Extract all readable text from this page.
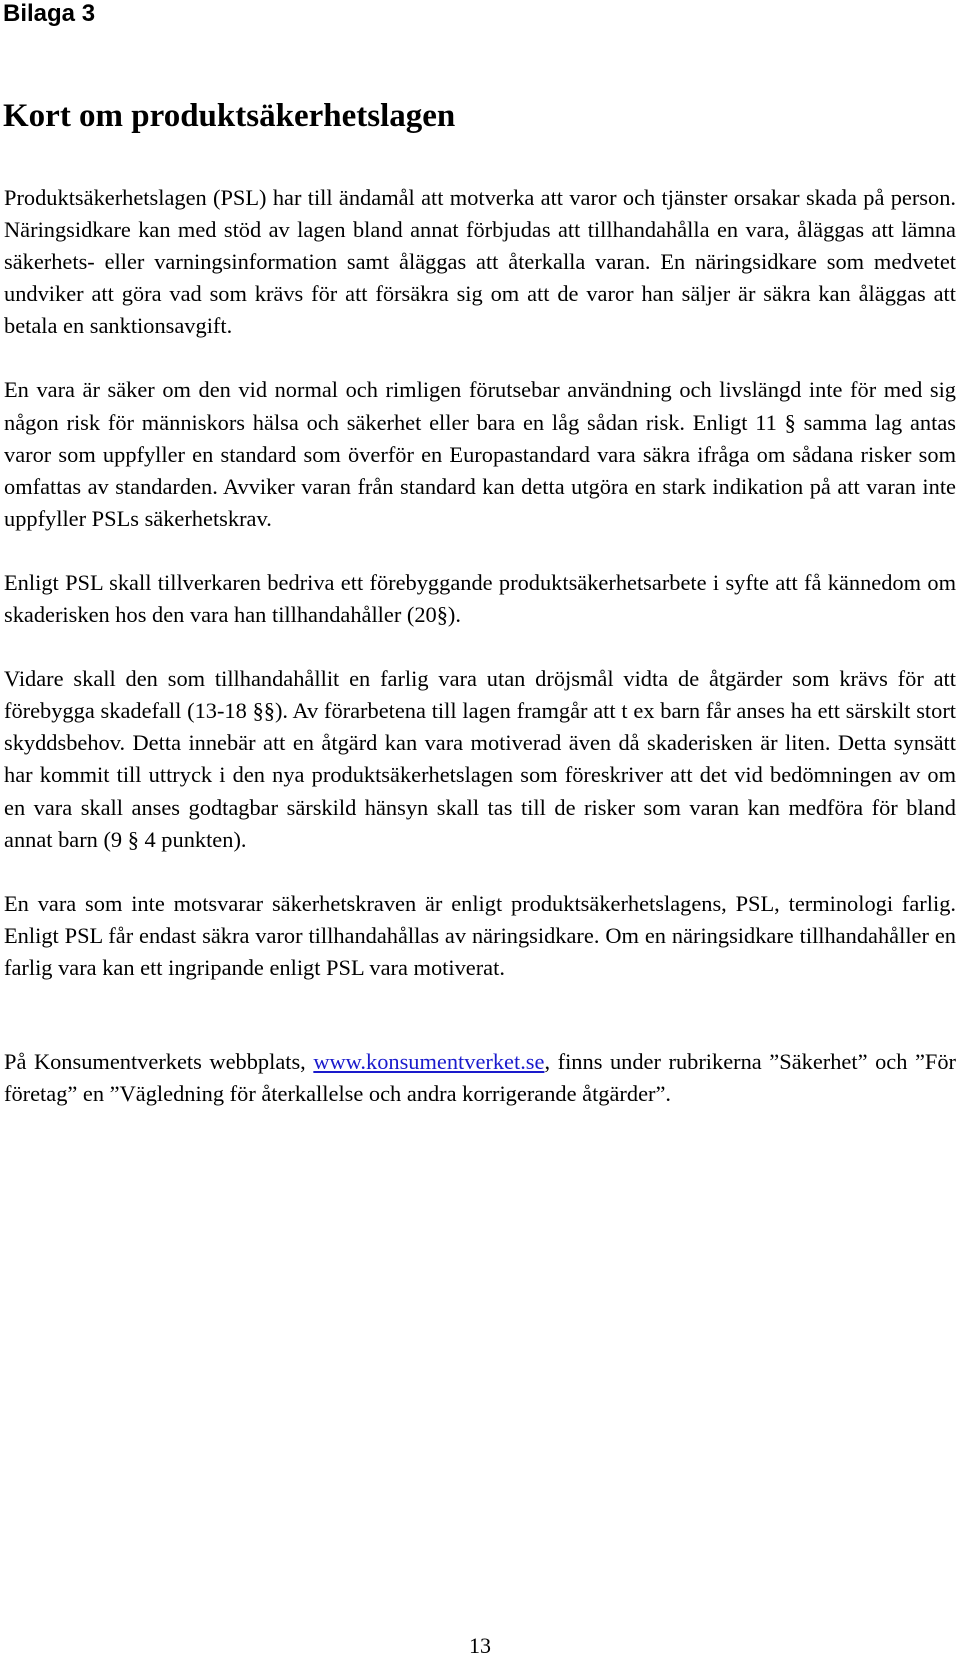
Bilaga 3
Kort om produktsäkerhetslagen

Produktsäkerhetslagen (PSL) har till ändamål att motverka att varor och tjänster orsakar skada på person. Näringsidkare kan med stöd av lagen bland annat förbjudas att tillhandahålla en vara, åläggas att lämna säkerhets- eller varningsinformation samt åläggas att återkalla varan. En näringsidkare som medvetet undviker att göra vad som krävs för att försäkra sig om att de varor han säljer är säkra kan åläggas att betala en sanktionsavgift.

En vara är säker om den vid normal och rimligen förutsebar användning och livslängd inte för med sig någon risk för människors hälsa och säkerhet eller bara en låg sådan risk. Enligt 11 § samma lag antas varor som uppfyller en standard som överför en Europastandard vara säkra ifråga om sådana risker som omfattas av standarden. Avviker varan från standard kan detta utgöra en stark indikation på att varan inte uppfyller PSLs säkerhetskrav.

Enligt PSL skall tillverkaren bedriva ett förebyggande produktsäkerhetsarbete i syfte att få kännedom om skaderisken hos den vara han tillhandahåller (20§).

Vidare skall den som tillhandahållit en farlig vara utan dröjsmål vidta de åtgärder som krävs för att förebygga skadefall (13-18 §§). Av förarbetena till lagen framgår att t ex barn får anses ha ett särskilt stort skyddsbehov. Detta innebär att en åtgärd kan vara motiverad även då skaderisken är liten. Detta synsätt har kommit till uttryck i den nya produktsäkerhetslagen som föreskriver att det vid bedömningen av om en vara skall anses godtagbar särskild hänsyn skall tas till de risker som varan kan medföra för bland annat barn (9 § 4 punkten).

En vara som inte motsvarar säkerhetskraven är enligt produktsäkerhetslagens, PSL, terminologi farlig. Enligt PSL får endast säkra varor tillhandahållas av näringsidkare. Om en näringsidkare tillhandahåller en farlig vara kan ett ingripande enligt PSL vara motiverat.

På Konsumentverkets webbplats, www.konsumentverket.se, finns under rubrikerna ”Säkerhet” och ”För företag” en ”Vägledning för återkallelse och andra korrigerande åtgärder”.

13
